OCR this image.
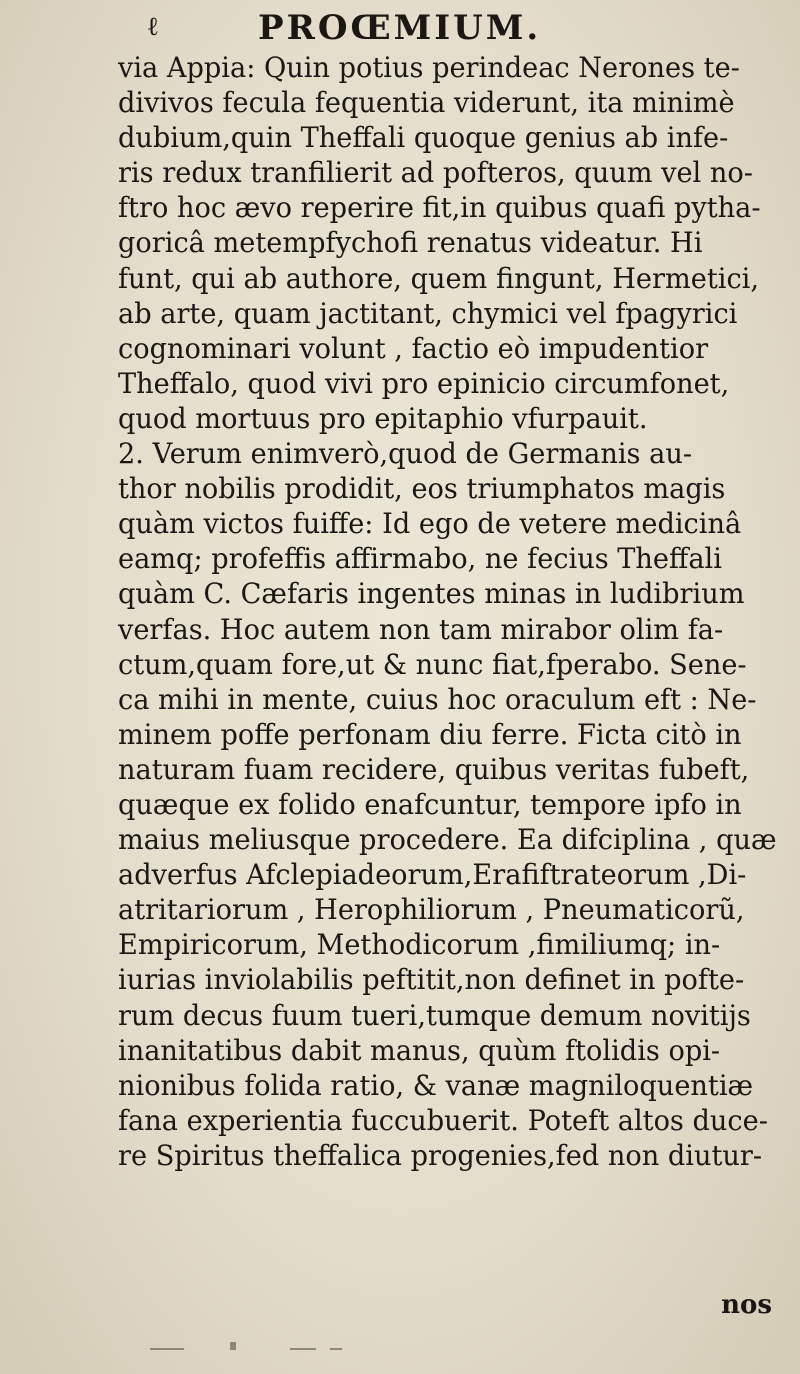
ℓ	PROŒMIUM.
via Appia: Quin potius perindeac Nerones te-
divivos fecula fequentia viderunt, ita minimè
dubium,quin Theffali quoque genius ab infe-
ris redux tranfilierit ad pofteros, quum vel no-
ftro hoc ævo reperire fit,in quibus quafi pytha-
goricâ metempfychofi renatus videatur. Hi
funt, qui ab authore, quem fingunt, Hermetici,
ab arte, quam jactitant, chymici vel fpagyrici
cognominari volunt , factio eò impudentior
Theffalo, quod vivi pro epinicio circumfonet,
quod mortuus pro epitaphio vfurpauit.
2. Verum enimverò,quod de Germanis au-
thor nobilis prodidit, eos triumphatos magis
quàm victos fuiffe: Id ego de vetere medicinâ
eamq; profeffis affirmabo, ne fecius Theffali
quàm C. Cæfaris ingentes minas in ludibrium
verfas. Hoc autem non tam mirabor olim fa-
ctum,quam fore,ut & nunc fiat,fperabo. Sene-
ca mihi in mente, cuius hoc oraculum eft : Ne-
minem poffe perfonam diu ferre. Ficta citò in
naturam fuam recidere, quibus veritas fubeft,
quæque ex folido enafcuntur, tempore ipfo in
maius meliusque procedere. Ea difciplina , quæ
adverfus Afclepiadeorum,Erafiftrateorum ,Di-
atritariorum , Herophiliorum , Pneumaticorũ,
Empiricorum, Methodicorum ,fimiliumq; in-
iurias inviolabilis peftitit,non definet in pofte-
rum decus fuum tueri,tumque demum novitijs
inanitatibus dabit manus, quùm ftolidis opi-
nionibus folida ratio, & vanæ magniloquentiæ
fana experientia fuccubuerit. Poteft altos duce-
re Spiritus theffalica progenies,fed non diutur-
nos
